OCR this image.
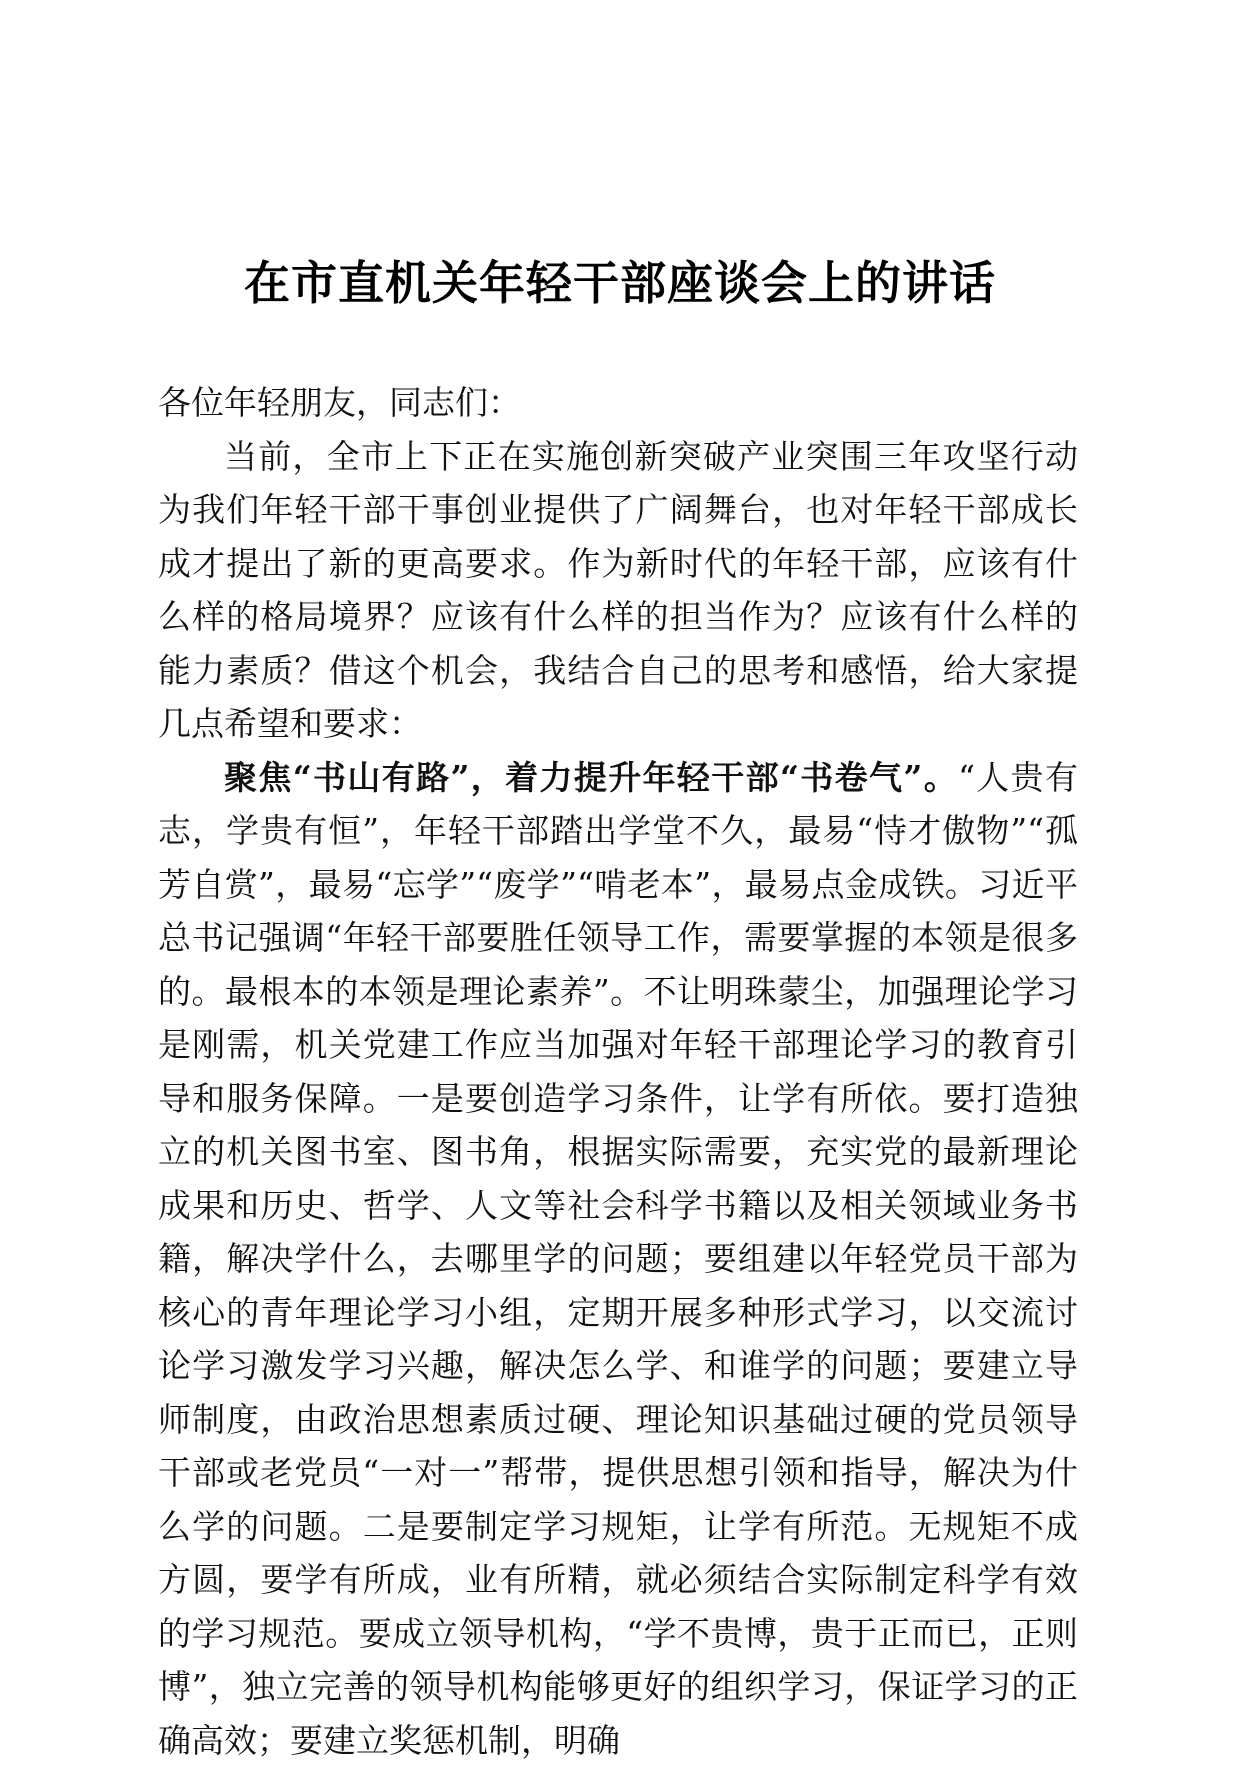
在市直机关年轻干部座谈会上的讲话

各位年轻朋友，同志们：

当前，全市上下正在实施创新突破产业突围三年攻坚行动为我们年轻干部干事创业提供了广阔舞台，也对年轻干部成长成才提出了新的更高要求。作为新时代的年轻干部，应该有什么样的格局境界？应该有什么样的担当作为？应该有什么样的能力素质？借这个机会，我结合自己的思考和感悟，给大家提几点希望和要求：

聚焦“书山有路”，着力提升年轻干部“书卷气”。“人贵有志，学贵有恒”，年轻干部踏出学堂不久，最易“恃才傲物”“孤芳自赏”，最易“忘学”“废学”“啃老本”，最易点金成铁。习近平总书记强调“年轻干部要胜任领导工作，需要掌握的本领是很多的。最根本的本领是理论素养”。不让明珠蒙尘，加强理论学习是刚需，机关党建工作应当加强对年轻干部理论学习的教育引导和服务保障。一是要创造学习条件，让学有所依。要打造独立的机关图书室、图书角，根据实际需要，充实党的最新理论成果和历史、哲学、人文等社会科学书籍以及相关领域业务书籍，解决学什么，去哪里学的问题；要组建以年轻党员干部为核心的青年理论学习小组，定期开展多种形式学习，以交流讨论学习激发学习兴趣，解决怎么学、和谁学的问题；要建立导师制度，由政治思想素质过硬、理论知识基础过硬的党员领导干部或老党员“一对一”帮带，提供思想引领和指导，解决为什么学的问题。二是要制定学习规矩，让学有所范。无规矩不成方圆，要学有所成，业有所精，就必须结合实际制定科学有效的学习规范。要成立领导机构，“学不贵博，贵于正而已，正则博”，独立完善的领导机构能够更好的组织学习，保证学习的正确高效；要建立奖惩机制，明确
